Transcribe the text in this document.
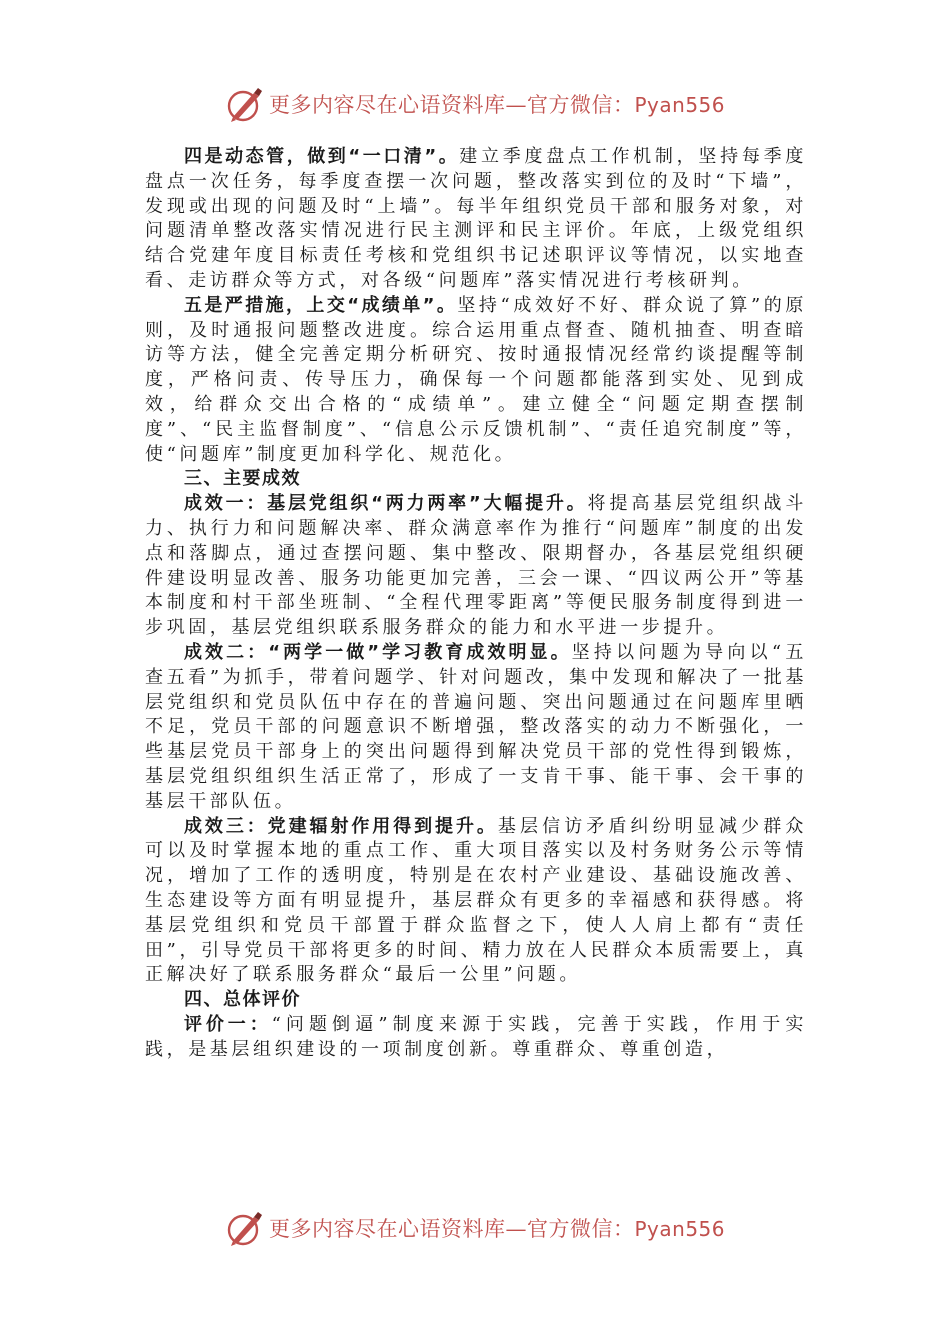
更多内容尽在心语资料库—官方微信：Pyan556

四是动态管，做到“一口清”。建立季度盘点工作机制，坚持每季度盘点一次任务，每季度查摆一次问题，整改落实到位的及时“下墙”，发现或出现的问题及时“上墙”。每半年组织党员干部和服务对象，对问题清单整改落实情况进行民主测评和民主评价。年底，上级党组织结合党建年度目标责任考核和党组织书记述职评议等情况，以实地查看、走访群众等方式，对各级“问题库”落实情况进行考核研判。

五是严措施，上交“成绩单”。坚持“成效好不好、群众说了算”的原则，及时通报问题整改进度。综合运用重点督查、随机抽查、明查暗访等方法，健全完善定期分析研究、按时通报情况经常约谈提醒等制度，严格问责、传导压力，确保每一个问题都能落到实处、见到成效，给群众交出合格的“成绩单”。建立健全“问题定期查摆制度”、“民主监督制度”、“信息公示反馈机制”、“责任追究制度”等，使“问题库”制度更加科学化、规范化。

三、主要成效

成效一：基层党组织“两力两率”大幅提升。将提高基层党组织战斗力、执行力和问题解决率、群众满意率作为推行“问题库”制度的出发点和落脚点，通过查摆问题、集中整改、限期督办，各基层党组织硬件建设明显改善、服务功能更加完善，三会一课、“四议两公开”等基本制度和村干部坐班制、“全程代理零距离”等便民服务制度得到进一步巩固，基层党组织联系服务群众的能力和水平进一步提升。

成效二：“两学一做”学习教育成效明显。坚持以问题为导向以“五查五看”为抓手，带着问题学、针对问题改，集中发现和解决了一批基层党组织和党员队伍中存在的普遍问题、突出问题通过在问题库里晒不足，党员干部的问题意识不断增强，整改落实的动力不断强化，一些基层党员干部身上的突出问题得到解决党员干部的党性得到锻炼，基层党组织组织生活正常了，形成了一支肯干事、能干事、会干事的基层干部队伍。

成效三：党建辐射作用得到提升。基层信访矛盾纠纷明显减少群众可以及时掌握本地的重点工作、重大项目落实以及村务财务公示等情况，增加了工作的透明度，特别是在农村产业建设、基础设施改善、生态建设等方面有明显提升，基层群众有更多的幸福感和获得感。将基层党组织和党员干部置于群众监督之下，使人人肩上都有“责任田”，引导党员干部将更多的时间、精力放在人民群众本质需要上，真正解决好了联系服务群众“最后一公里”问题。

四、总体评价

评价一：“问题倒逼”制度来源于实践，完善于实践，作用于实践，是基层组织建设的一项制度创新。尊重群众、尊重创造，

更多内容尽在心语资料库—官方微信：Pyan556
